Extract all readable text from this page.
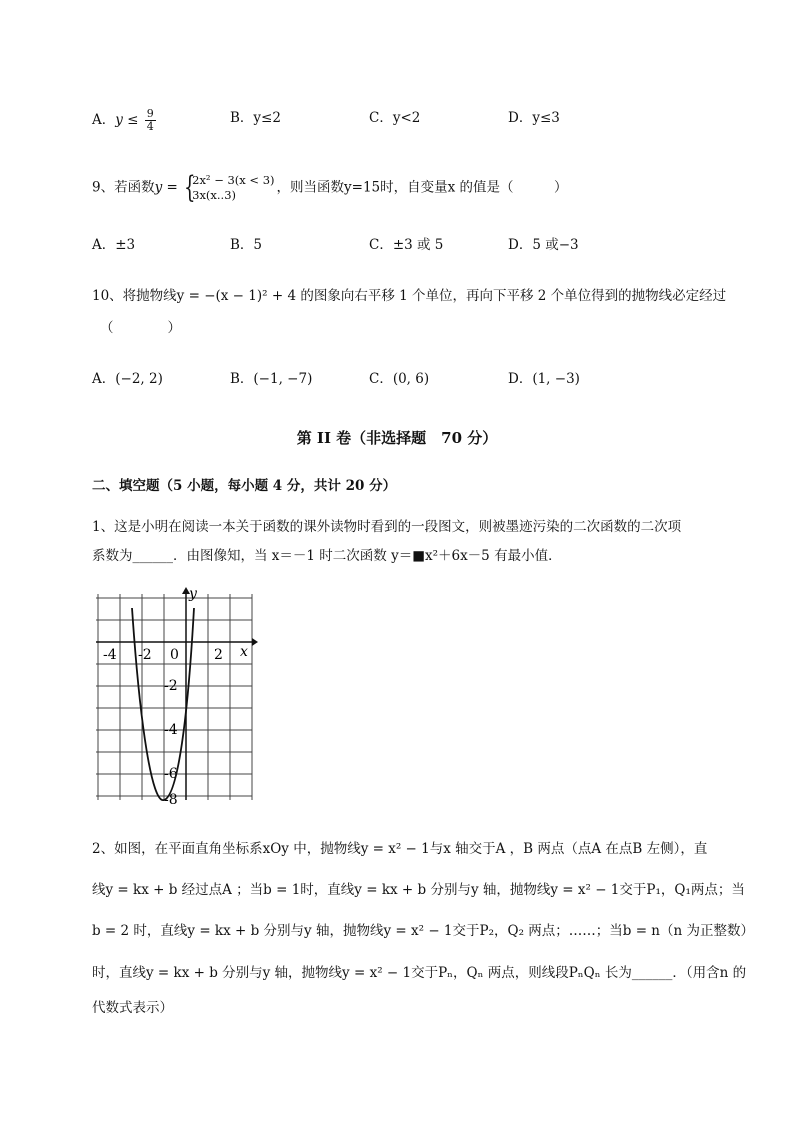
A．$y \le \frac{9}{4}$	B．y≤2	C．y<2	D．y≤3
9、若函数y = {
2x² − 3(x < 3)
3x(x..3)	，则当函数y=15时，自变量x 的值是（　　　）
A．±3	B．5	C．±3 或 5	D．5 或−3
10、将抛物线y = −(x − 1)² + 4 的图象向右平移 1 个单位，再向下平移 2 个单位得到的抛物线必定经过
（　　　　）
A．(−2, 2)	B．(−1, −7)	C．(0, 6)	D．(1, −3)
第 II 卷（非选择题　70 分）
二、填空题（5 小题，每小题 4 分，共计 20 分）
1、这是小明在阅读一本关于函数的课外读物时看到的一段图文，则被墨迹污染的二次函数的二次项
系数为______．由图像知，当 x＝－1 时二次函数 y＝■x²＋6x－5 有最小值．
y
x
-4 -2 0	2
-2
-4
-6
-8
2、如图，在平面直角坐标系xOy 中，抛物线y = x² − 1与x 轴交于A ，B 两点（点A 在点B 左侧），直
线y = kx + b 经过点A ；当b = 1时，直线y = kx + b 分别与y 轴，抛物线y = x² − 1交于P₁，Q₁两点；当
b = 2 时，直线y = kx + b 分别与y 轴，抛物线y = x² − 1交于P₂，Q₂ 两点；……；当b = n（n 为正整数）
时，直线y = kx + b 分别与y 轴，抛物线y = x² − 1交于Pₙ，Qₙ 两点，则线段PₙQₙ 长为______．（用含n 的
代数式表示）
